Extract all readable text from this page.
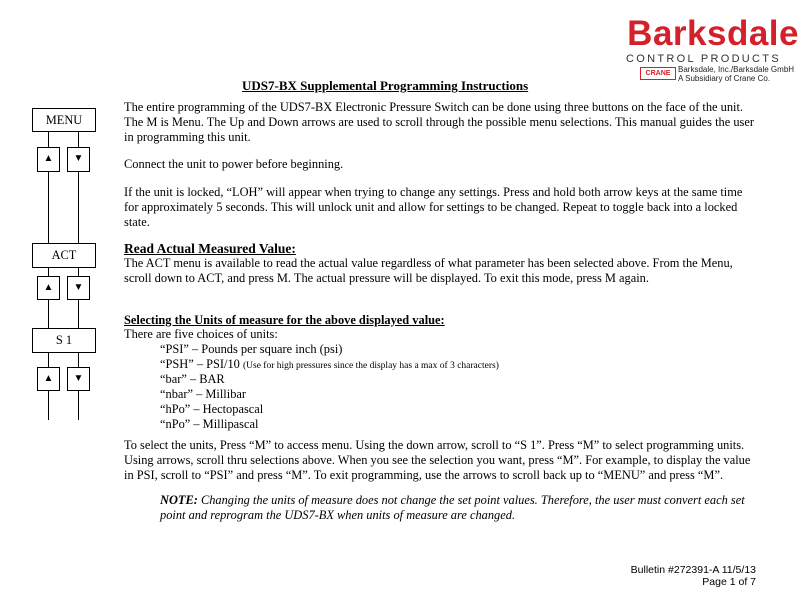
Barksdale
CONTROL PRODUCTS
CRANE Barksdale, Inc./Barksdale GmbH
A Subsidiary of Crane Co.
UDS7-BX Supplemental Programming Instructions
The entire programming of the UDS7-BX Electronic Pressure Switch can be done using three buttons on the face of the unit. The M is Menu. The Up and Down arrows are used to scroll through the possible menu selections. This manual guides the user in programming this unit.
Connect the unit to power before beginning.
If the unit is locked, “LOH” will appear when trying to change any settings. Press and hold both arrow keys at the same time for approximately 5 seconds. This will unlock unit and allow for settings to be changed. Repeat to toggle back into a locked state.
Read Actual Measured Value:
The ACT menu is available to read the actual value regardless of what parameter has been selected above. From the Menu, scroll down to ACT, and press M. The actual pressure will be displayed. To exit this mode, press M again.
Selecting the Units of measure for the above displayed value:
There are five choices of units:
“PSI” – Pounds per square inch (psi)
“PSH” – PSI/10 (Use for high pressures since the display has a max of 3 characters)
“bar” – BAR
“nbar” – Millibar
“hPo” – Hectopascal
“nPo” – Millipascal
To select the units, Press “M” to access menu. Using the down arrow, scroll to “S 1”. Press “M” to select programming units. Using arrows, scroll thru selections above. When you see the selection you want, press “M”. For example, to display the value in PSI, scroll to “PSI” and press “M”. To exit programming, use the arrows to scroll back up to “MENU” and press “M”.
NOTE: Changing the units of measure does not change the set point values. Therefore, the user must convert each set point and reprogram the UDS7-BX when units of measure are changed.
MENU
▲	▼
ACT
▲	▼
S 1
▲	▼
Bulletin #272391-A 11/5/13
Page 1 of 7
